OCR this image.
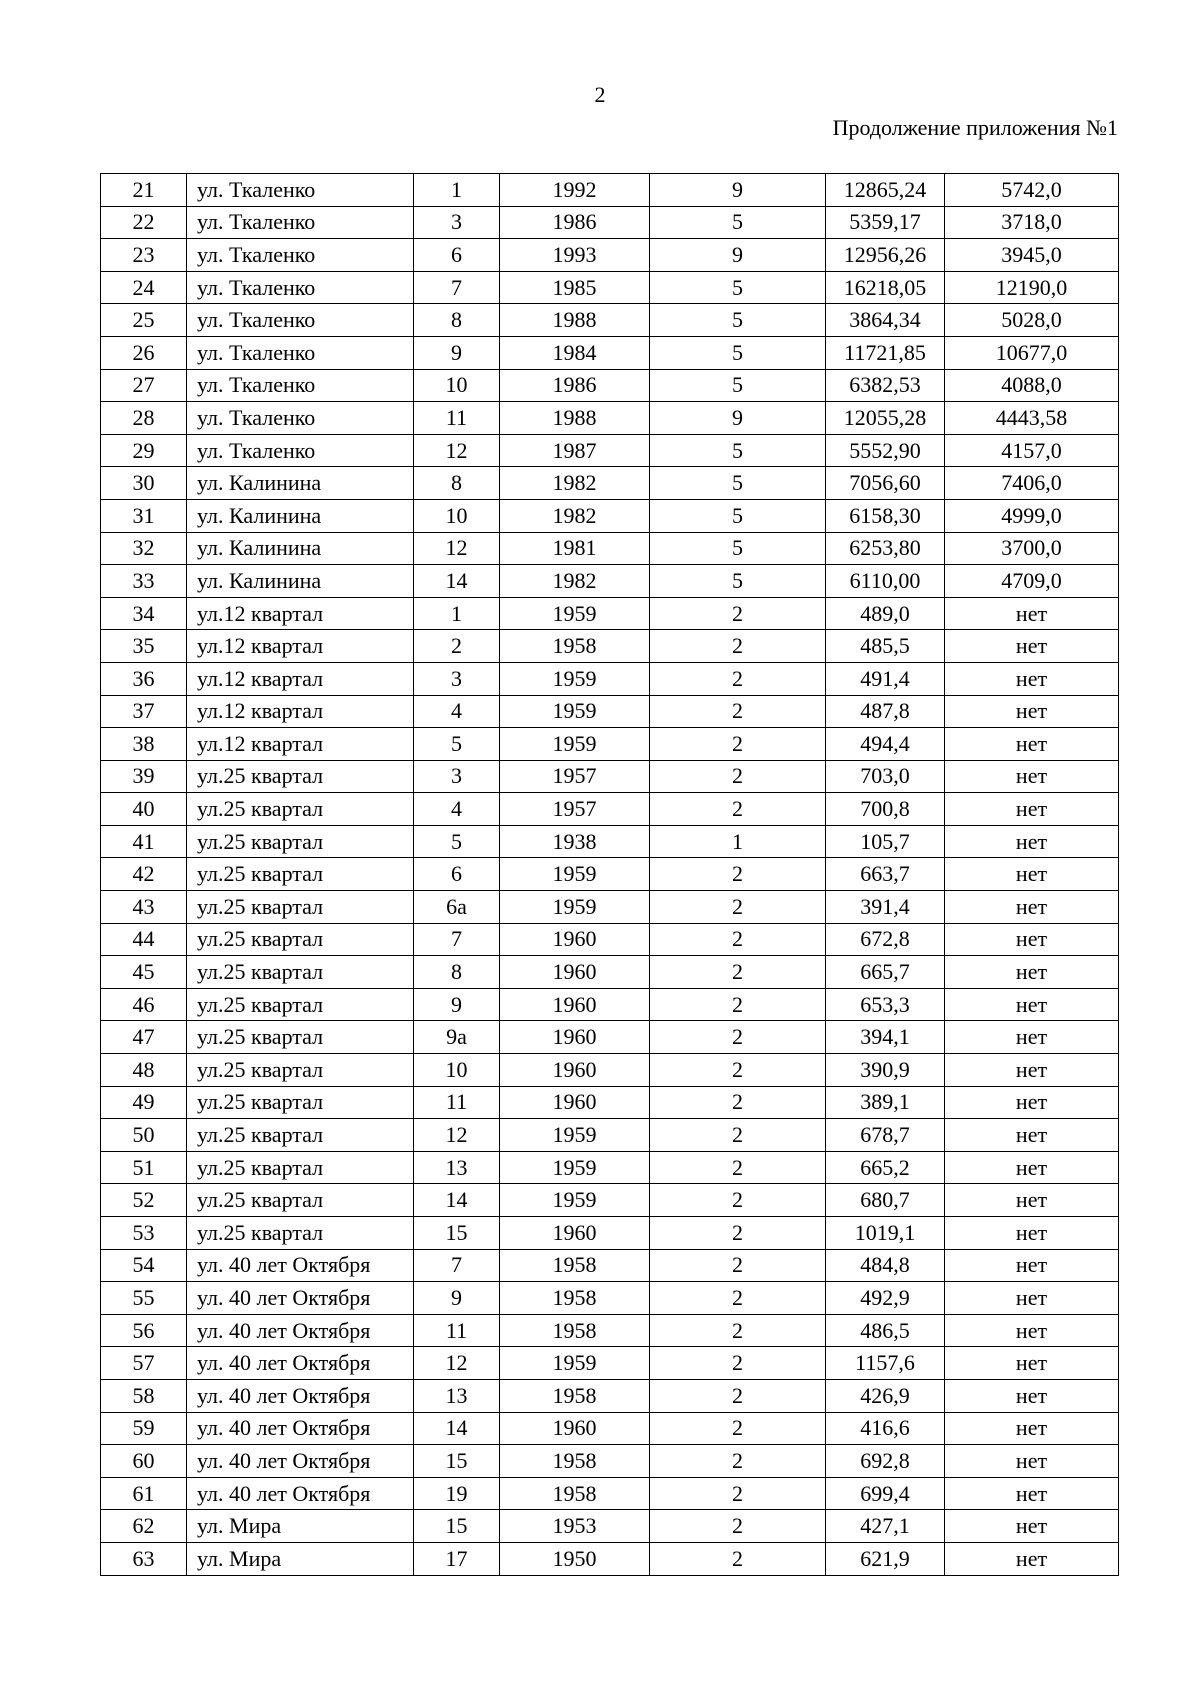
2
Продолжение приложения №1
21	ул. Ткаленко	1	1992	9	12865,24	5742,0
22	ул. Ткаленко	3	1986	5	5359,17	3718,0
23	ул. Ткаленко	6	1993	9	12956,26	3945,0
24	ул. Ткаленко	7	1985	5	16218,05	12190,0
25	ул. Ткаленко	8	1988	5	3864,34	5028,0
26	ул. Ткаленко	9	1984	5	11721,85	10677,0
27	ул. Ткаленко	10	1986	5	6382,53	4088,0
28	ул. Ткаленко	11	1988	9	12055,28	4443,58
29	ул. Ткаленко	12	1987	5	5552,90	4157,0
30	ул. Калинина	8	1982	5	7056,60	7406,0
31	ул. Калинина	10	1982	5	6158,30	4999,0
32	ул. Калинина	12	1981	5	6253,80	3700,0
33	ул. Калинина	14	1982	5	6110,00	4709,0
34	ул.12 квартал	1	1959	2	489,0	нет
35	ул.12 квартал	2	1958	2	485,5	нет
36	ул.12 квартал	3	1959	2	491,4	нет
37	ул.12 квартал	4	1959	2	487,8	нет
38	ул.12 квартал	5	1959	2	494,4	нет
39	ул.25 квартал	3	1957	2	703,0	нет
40	ул.25 квартал	4	1957	2	700,8	нет
41	ул.25 квартал	5	1938	1	105,7	нет
42	ул.25 квартал	6	1959	2	663,7	нет
43	ул.25 квартал	6а	1959	2	391,4	нет
44	ул.25 квартал	7	1960	2	672,8	нет
45	ул.25 квартал	8	1960	2	665,7	нет
46	ул.25 квартал	9	1960	2	653,3	нет
47	ул.25 квартал	9а	1960	2	394,1	нет
48	ул.25 квартал	10	1960	2	390,9	нет
49	ул.25 квартал	11	1960	2	389,1	нет
50	ул.25 квартал	12	1959	2	678,7	нет
51	ул.25 квартал	13	1959	2	665,2	нет
52	ул.25 квартал	14	1959	2	680,7	нет
53	ул.25 квартал	15	1960	2	1019,1	нет
54	ул. 40 лет Октября	7	1958	2	484,8	нет
55	ул. 40 лет Октября	9	1958	2	492,9	нет
56	ул. 40 лет Октября	11	1958	2	486,5	нет
57	ул. 40 лет Октября	12	1959	2	1157,6	нет
58	ул. 40 лет Октября	13	1958	2	426,9	нет
59	ул. 40 лет Октября	14	1960	2	416,6	нет
60	ул. 40 лет Октября	15	1958	2	692,8	нет
61	ул. 40 лет Октября	19	1958	2	699,4	нет
62	ул. Мира	15	1953	2	427,1	нет
63	ул. Мира	17	1950	2	621,9	нет
